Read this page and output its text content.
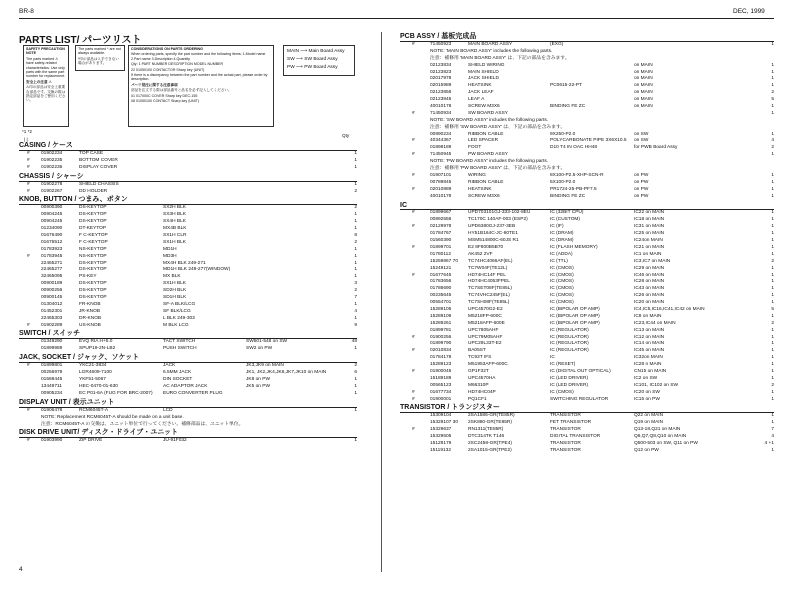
BR-8	DEC, 1999
PARTS LIST/ パーツリスト

SAFETY PRECAUTION NOTE

The parts marked ⚠ have safety-related characteristics. Use only parts with the same part number for replacement.

安全上の注意 ⚠

⚠印の部品は安全上重要な部品です。交換の際は指定部品をご使用ください。

The parts marked * are not always available.

*印の部品は入手できない場合があります。

CONSIDERATIONS ON PARTS ORDERING

When ordering parts, specify the part number and the following items: 1.Model name 2.Part name 3.Description 4.Quantity

Qty: 1 PART NUMBER DESCRIPTION MODEL NUMBER

22 01050100 CONTACTOR Sharp key (UNIT)

If there is a discrepancy between the part number and the actual part, please order by description.

パーツ発注に関する注意事項

部品を注文する際は部品番号と品名を必ず記入してください。

01 017000C COVER Sharp key DEC-155

08 01050100 CONTACT Sharp key (UNIT)

MAIN ⟶ Main Board Assy
SW ⟶ SW Board Assy
PW ⟶ PW Board Assy
*1 *2
| |
Qty
CASING / ケース
# 01902234	TOP CASE	1
# 01902235	BOTTOM COVER	1
# 01902236	DISPLAY COVER	1
CHASSIS / シャーシ
# 01902278	SHIELD CHASSIS	1
# 01902267	DD HOLDER	2
KNOB, BUTTON / つまみ、ボタン
00900390	DS-KEYTOP	SX2H BLK	2
00904245	DS-KEYTOP	SX3H BLK	1
00904245	DS-KEYTOP	SX4H BLK	1
01234090	DT-KEYTOP	MX4B BLK	1
01676490	F C-KEYTOP	SX1H CLR	8
01676512	F C-KEYTOP	SX1H BLK	2
01783923	NS-KEYTOP	MD1H	1
# 01783945	NS-KEYTOP	MD3H	1
22465271	DS-KEYTOP	MX4H BLK 249-271	1
22465277	DS-KEYTOP	MD1H BLK 249-277(WINDOW)	1
32465095	PS-KEY	MX BLK	1
00900189	DS-KEYTOP	SX1H BLK	3
00900256	DS-KEYTOP	SD2H BLK	2
00900145	DS-KEYTOP	SD1H BLK	7
01304012	FR-KNOB	SF-A BLK/LCG	1
01452301	JR-KNOB	SF BLK/LCG	4
22465303	DR-KNOB	L BLK 249-303	1
# 01902289	US-KNOB	M BLK LCG	9
SWITCH / スイッチ
01349290	EVQ RIA H+5.0	TACT SWITCH	SW501-548 on SW	48
01899989	SPUP19-2N-LB2	PUSH SWITCH	SW2 on PW	1
JACK, SOCKET / ジャック、ソケット
# 01899801	YKC21-3834	JACK	JK3,JK9 on MAIN	2
00256978	LGR4609-7100	6.5MM JACK	JK1, JK2,JK4,JK6,JK7,JK10 on MAIN	6
01569445	YKF51-5067	DIN SOCKET	JK8 on PW	1
13449711	HEC-0470-01-630	AC ADAPTOR JACK	JK5 on PW	1
00905234	EC P01-6A (FUG FOR BRC-2007) EURO CONVERTER PLUG	1
DISPLAY UNIT / 表示ユニット
# 01906478	RCM6045T-A	LCD	1
NOTE: Replacement RCM6045T-A should be made on a unit base.
注意：RCM6045T-A の交換は、ユニット単位で行ってください。補修部品は、ユニット単位。
DISK DRIVE UNIT/ ディスク・ドライブ・ユニット
# 01903990	ZIP DRIVE	JU-91F032	1
PCB ASSY / 基板完成品
#	71450923	MAIN BOARD ASSY	(EXG)	1
NOTE: 'MAIN BOARD ASSY' includes the following parts.
注意：補修用 'MAIN BOARD ASSY' は、下記の部品を含みます。
02123834	SHIELD WIRING	on MAIN	1
02123823	MAIN SHIELD	on MAIN	1
02017978	JACK SHIELD	on MAIN	1
02015989	HEATSINK	PC0615-22-PT	on MAIN	1
02123856	JACK LEAF	on MAIN	2
02123845	LEAF A	on MAIN	5
40010178	SCREW M3X6	BINDING FE ZC	on MAIN	1
#	71450934	SW BOARD ASSY	1
NOTE: 'SW BOARD ASSY' includes the following parts.
注意：補修用 'SW BOARD ASSY' は、下記の部品を含みます。
00890234	RIBBON CABLE	9X250-P2.0	on SW	1
#	40344367	LED SPACER	POLYCARBONATE PIPE 3X6X10.5 on SW	4
01898189	FOOT	D10 T4 IN OAC HH48	for PWB Board Assy	2
#	71450945	PW BOARD ASSY	1
NOTE: 'PW BOARD ASSY' includes the following parts.
注意：補修用 'PW BOARD ASSY' は、下記の部品を含みます。
#	01907101	WIRING	8X100-P2.5-XHP-SCN-R	on PW	1
00789845	RIBBON CABLE	5X100-P2.0	on PW	1
#	02010889	HEATSINK	PR1724-25-PB-PF7.5	on PW	1
40010178	SCREW M3X6	BINDING FE ZC	on PW	1
IC
#	01899667	UPD703101GJ-333-102-8EU	IC (32BIT CPU)	IC22 on MAIN	1
00892556	TC170C 140AF-003 (ESP2)	IC (CUSTOM)	IC18 on MAIN	1
#	02129978	UPD6380GJ-237-3EB	IC (IF)	IC31 on MAIN	1
01784767	HY51B164C-JC-60TE1	IC (DRAM)	IC25 on MAIN	1
01560390	MSM514800C-60JS R1	IC (DRAM)	IC24on MAIN	1
#	01899701	E2 8F800B5B70	IC (FLASH MEMORY)	IC21 on MAIN	1
01780112	AK452 2VF	IC (ADDA)	IC1 on MAIN	1
15259867 70 TC74HC4066AF(EL)	IC (TTL)	IC3,IC7 on MAIN	2
15249121	TC7W04F(TE12L)	IC (CMOS)	IC29 on MAIN	1
#	01677645	HD74HC14F PEL	IC (CMOS)	IC46 on MAIN	1
01783656	HD74HC4053FPEL	IC (CMOS)	IC28 on MAIN	1
01786690	TC7SET08F(TE85L)	IC (CMOS)	IC43 on MAIN	1
00235645	TC74VHC245F(EL)	IC (CMOS)	IC26 on MAIN	1
00554701	TC7SH08F(TE85L)	IC (CMOS)	IC20 on MAIN	1
15289105	UPC4570G2-E2	IC (BIPOLAR OP AMP)	IC4,IC5,IC16,IC41,IC42 on MAIN	5
15289109	M5218FP-600C	IC (BIPOLAR OP AMP)	IC8 on MAIN	1
15289261	M5218AFP-600E	IC (BIPOLAR OP AMP)	IC23,IC44 on MAIN	2
01899781	UPC7805AHF	IC (REGULATOR)	IC13 on MAIN	1
#	01900256	UPC79M05AHF	IC (REGULATOR)	IC12 on MAIN	1
01899790	UPC29L33T-E2	IC (REGULATOR)	IC14 on MAIN	1
#	02010834	BA05ST	IC (REGULATOR)	IC45 on MAIN	1
01784178	TC93T IFS	IC	IC32on MAIN	1
15289123	M51953AFP-600C	IC (RESET)	IC28 n MAIN	1
#	01900045	GP1F32T	IC (DIGITAL OUT OPTICAL)	CN15 on MAIN	1
15189189	UPC4570HA	IC (LED DRIVER)	IC2 on SW	1
00565123	M66310P	IC (LED DRIVER)	IC101, IC102 on SW	2
#	01677734	HD74HC04P	IC (CMOS)	IC20 on SW	1
#	01900001	PQ1CF1	SWITCHING REGULATOR	IC15 on PW	1
TRANSISTOR / トランジスター
15309104	2SA1586-GR(TE85R)	TRANSISTOR	Q22 on MAIN	1
15329107 30 2SK880-GR(TE85R)	FET TRANSISTOR	Q19 on MAIN	1
#	15329637	RN1311(TE85R)	TRANSISTOR	Q13-18,Q21 on MAIN	7
15329505	DTC314TK T146	DIGITAL TRANSISTOR	Q6,Q7,Q8,Q10 on MAIN	4
15129179	2SC2458-GR(TPE4)	TRANSISTOR	Q500-503 on SW, Q11 on PW	4 +1
15119132	2SA1015-GR(TPE2)	TRANSISTOR	Q12 on PW	1
4
